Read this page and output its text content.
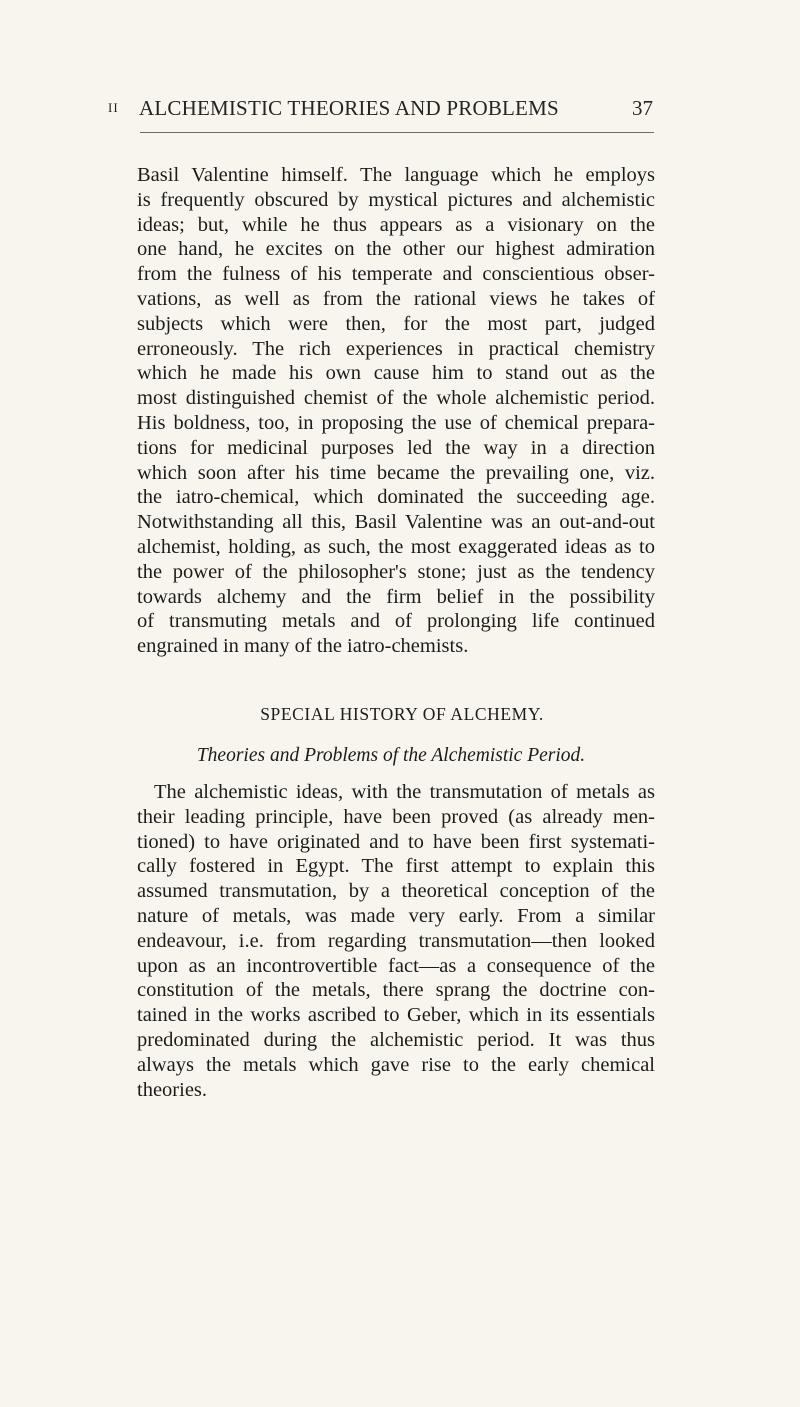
II ALCHEMISTIC THEORIES AND PROBLEMS	37
Basil Valentine himself. The language which he employs
is frequently obscured by mystical pictures and alchemistic
ideas; but, while he thus appears as a visionary on the
one hand, he excites on the other our highest admiration
from the fulness of his temperate and conscientious obser-
vations, as well as from the rational views he takes of
subjects which were then, for the most part, judged
erroneously. The rich experiences in practical chemistry
which he made his own cause him to stand out as the
most distinguished chemist of the whole alchemistic period.
His boldness, too, in proposing the use of chemical prepara-
tions for medicinal purposes led the way in a direction
which soon after his time became the prevailing one, viz.
the iatro-chemical, which dominated the succeeding age.
Notwithstanding all this, Basil Valentine was an out-and-out
alchemist, holding, as such, the most exaggerated ideas as to
the power of the philosopher's stone; just as the tendency
towards alchemy and the firm belief in the possibility
of transmuting metals and of prolonging life continued
engrained in many of the iatro-chemists.
SPECIAL HISTORY OF ALCHEMY.
Theories and Problems of the Alchemistic Period.
The alchemistic ideas, with the transmutation of metals as
their leading principle, have been proved (as already men-
tioned) to have originated and to have been first systemati-
cally fostered in Egypt. The first attempt to explain this
assumed transmutation, by a theoretical conception of the
nature of metals, was made very early. From a similar
endeavour, i.e. from regarding transmutation—then looked
upon as an incontrovertible fact—as a consequence of the
constitution of the metals, there sprang the doctrine con-
tained in the works ascribed to Geber, which in its essentials
predominated during the alchemistic period. It was thus
always the metals which gave rise to the early chemical
theories.
